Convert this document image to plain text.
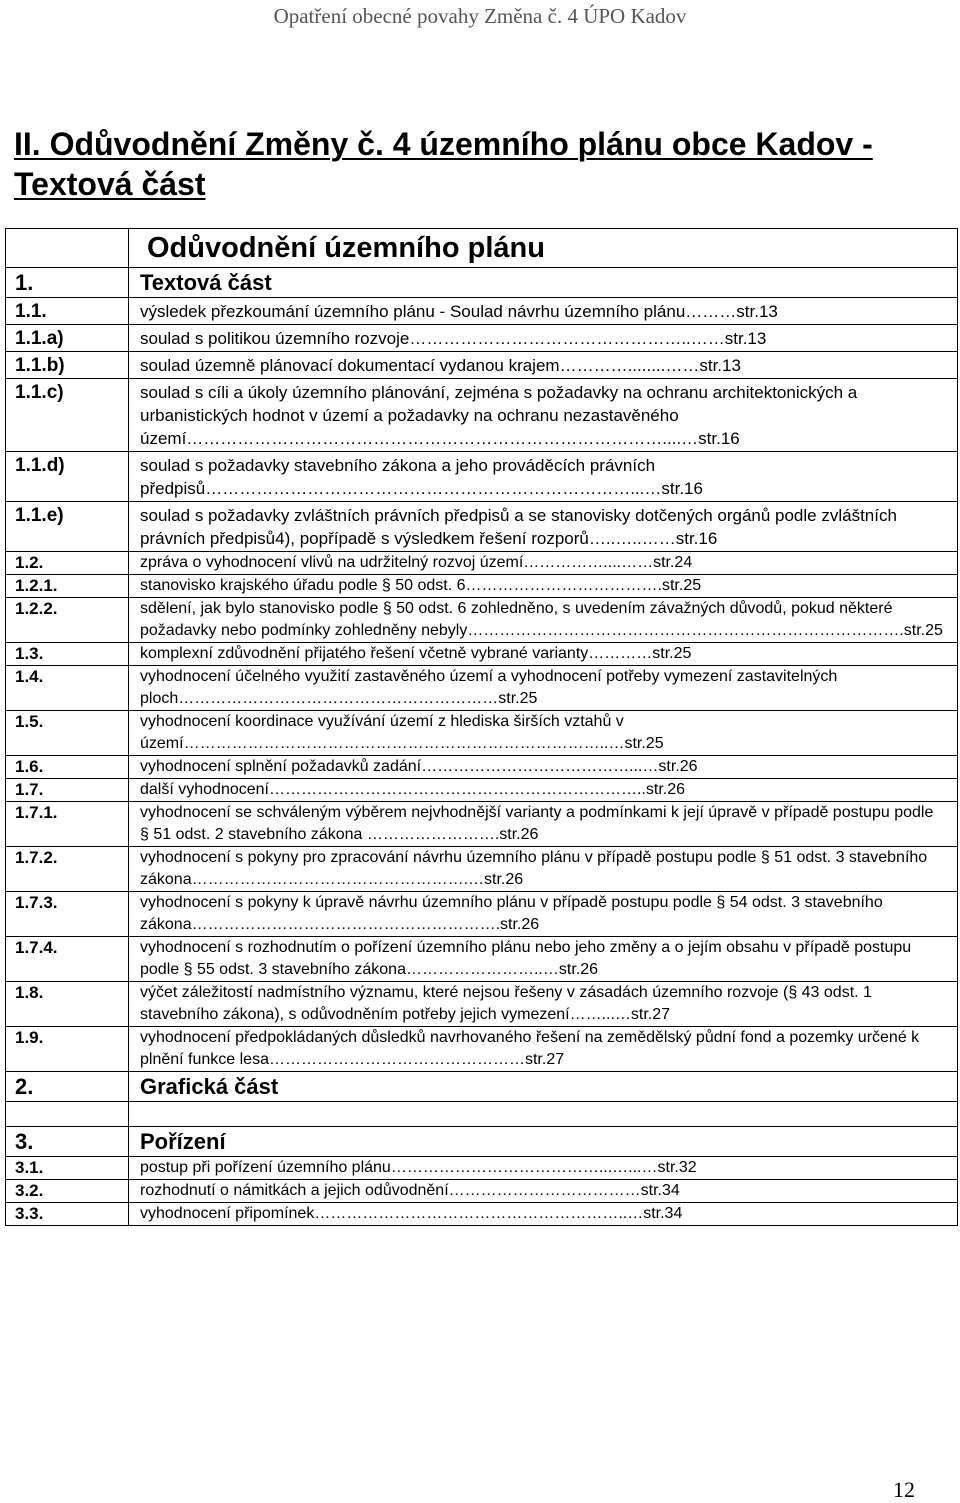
Opatření obecné povahy Změna č. 4 ÚPO Kadov
II. Odůvodnění Změny č. 4 územního plánu obce Kadov - Textová část
	Odůvodnění územního plánu
1.	Textová část
1.1.	výsledek přezkoumání územního plánu - Soulad návrhu územního plánu………str.13
1.1.a)	soulad s politikou územního rozvoje…………………………………………..……str.13
1.1.b)	soulad územně plánovací dokumentací vydanou krajem…………........……str.13
1.1.c)	soulad s cíli a úkoly územního plánování, zejména s požadavky na ochranu architektonických a urbanistických hodnot v území a požadavky na ochranu nezastavěného území…………………………………………………………………………....…str.16
1.1.d)	soulad s požadavky stavebního zákona a jeho prováděcích právních předpisů…………………………………………………………………...…str.16
1.1.e)	soulad s požadavky zvláštních právních předpisů a se stanovisky dotčených orgánů podle zvláštních právních předpisů4), popřípadě s výsledkem řešení rozporů…..…..……str.16
1.2.	zpráva o vyhodnocení vlivů na udržitelný rozvoj území……………....……str.24
1.2.1.	stanovisko krajského úřadu podle § 50 odst. 6……………………………….str.25
1.2.2.	sdělení, jak bylo stanovisko podle § 50 odst. 6 zohledněno, s uvedením závažných důvodů, pokud některé požadavky nebo podmínky zohledněny nebyly……………………………………………………………………….str.25
1.3.	komplexní zdůvodnění přijatého řešení včetně vybrané varianty…………str.25
1.4.	vyhodnocení účelného využití zastavěného území a vyhodnocení potřeby vymezení zastavitelných ploch……………………………………………………str.25
1.5.	vyhodnocení koordinace využívání území z hlediska širších vztahů v území……………………………………………………………………..…str.25
1.6.	vyhodnocení splnění požadavků zadání…………………………………...…str.26
1.7.	další vyhodnocení……………………………………………………………..str.26
1.7.1.	vyhodnocení se schváleným výběrem nejvhodnější varianty a podmínkami k její úpravě v případě postupu podle § 51 odst. 2 stavebního zákona …………………….str.26
1.7.2.	vyhodnocení s pokyny pro zpracování návrhu územního plánu v případě postupu podle § 51 odst. 3 stavebního zákona…………………………………………….…str.26
1.7.3.	vyhodnocení s pokyny k úpravě návrhu územního plánu v případě postupu podle § 54 odst. 3 stavebního zákona………………………………………………….str.26
1.7.4.	vyhodnocení s rozhodnutím o pořízení územního plánu nebo jeho změny a o jejím obsahu v případě postupu podle § 55 odst. 3 stavebního zákona……………………..…str.26
1.8.	výčet záležitostí nadmístního významu, které nejsou řešeny v zásadách územního rozvoje (§ 43 odst. 1 stavebního zákona), s odůvodněním potřeby jejich vymezení……...…str.27
1.9.	vyhodnocení předpokládaných důsledků navrhovaného řešení na zemědělský půdní fond a pozemky určené k plnění funkce lesa…………………………………………str.27
2.	Grafická část

3.	Pořízení
3.1.	postup při pořízení územního plánu…………………………………...…...…str.32
3.2.	rozhodnutí o námitkách a jejich odůvodnění………………………………str.34
3.3.	vyhodnocení připomínek…………………………………………………..…str.34
12
